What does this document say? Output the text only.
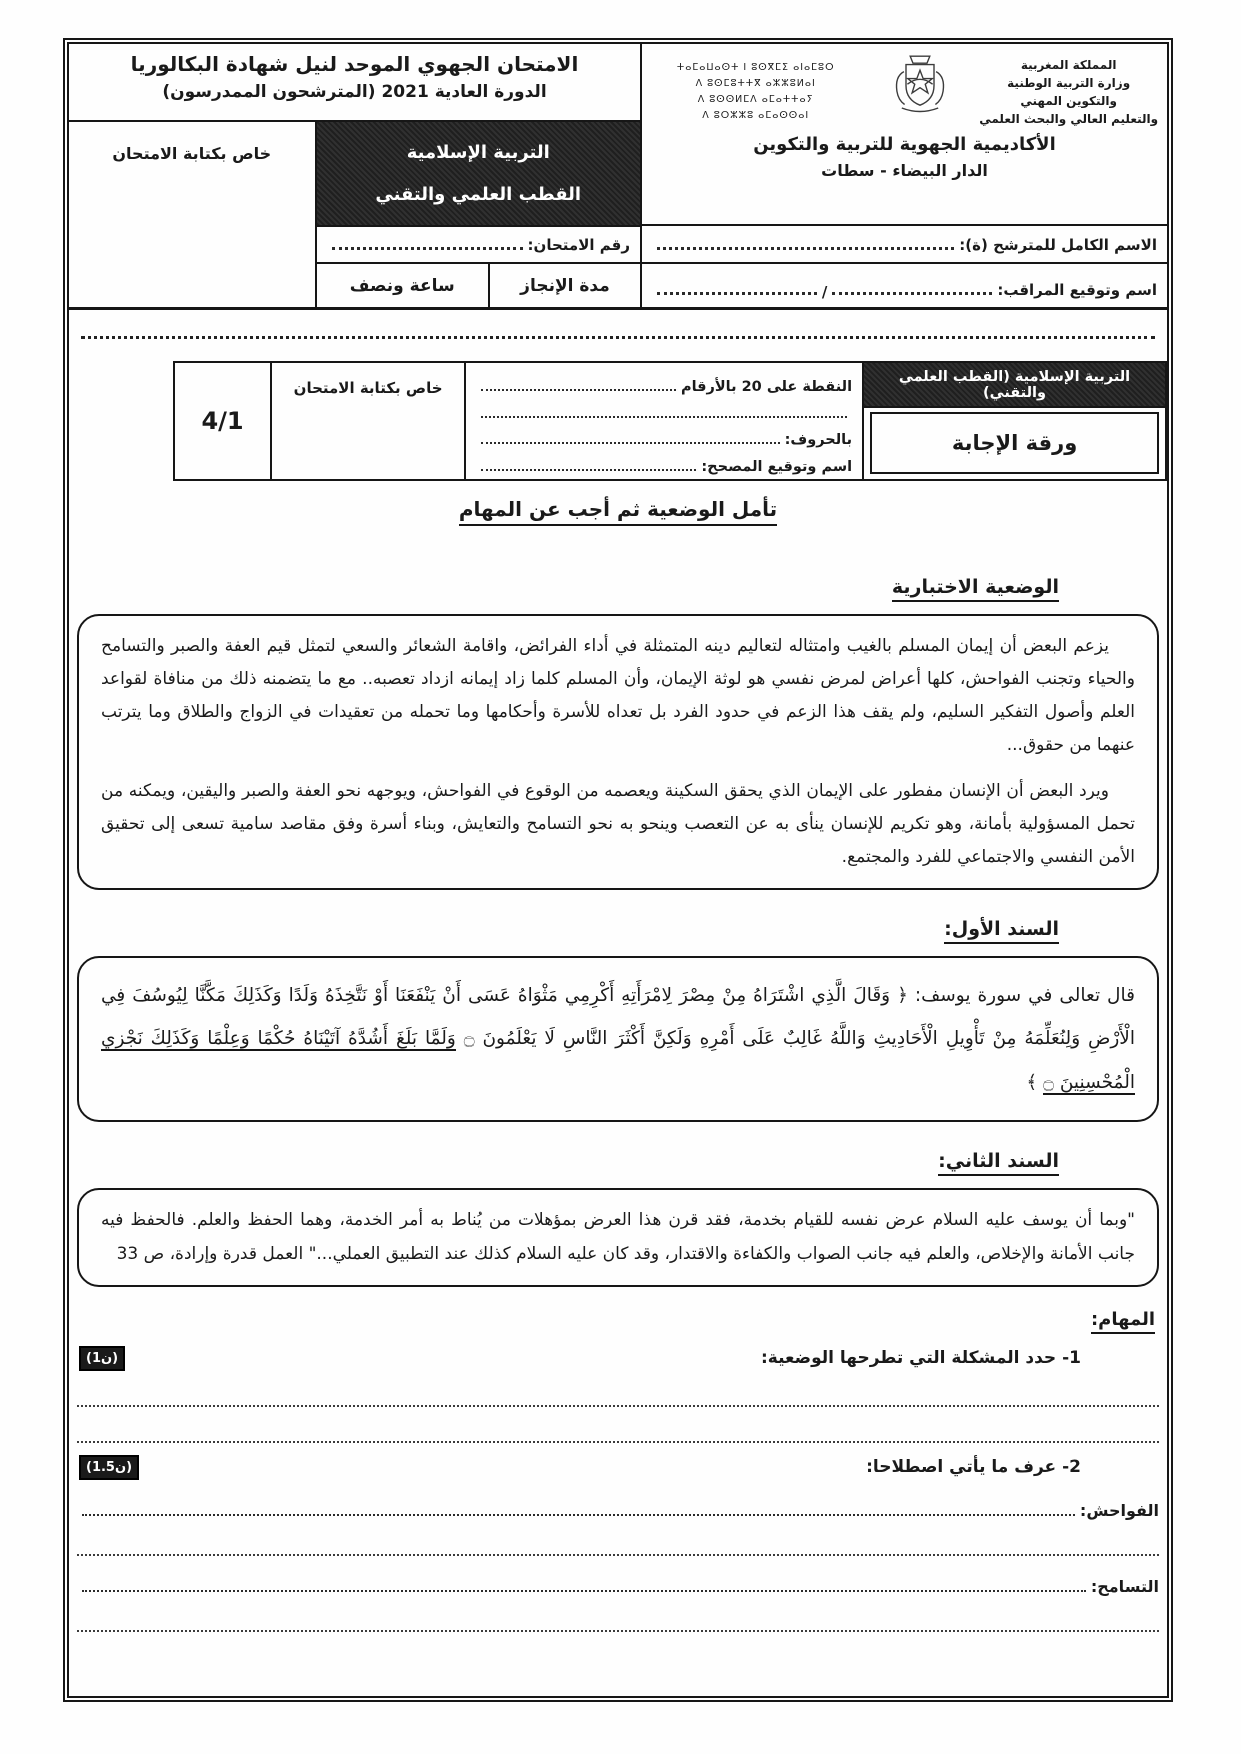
المملكة المغربية
وزارة التربية الوطنية
والتكوين المهني
والتعليم العالي والبحث العلمي
ⵜⴰⵎⴰⵡⴰⵙⵜ ⵏ ⵓⵙⴳⵎⵉ ⴰⵏⴰⵎⵓⵔ
ⴷ ⵓⵙⵎⵓⵜⵜⴳ ⴰⵣⵣⵓⵍⴰⵏ
ⴷ ⵓⵙⵙⵍⵎⴷ ⴰⵎⴰⵜⵜⴰⵢ
ⴷ ⵓⵔⵣⵣⵓ ⴰⵎⴰⵙⵙⴰⵏ
الأكاديمية الجهوية للتربية والتكوين
الدار البيضاء - سطات
الاسم الكامل للمترشح (ة):
اسم وتوقيع المراقب:
/
الامتحان الجهوي الموحد لنيل شهادة البكالوريا
الدورة العادية 2021 (المترشحون الممدرسون)
التربية الإسلامية
القطب العلمي والتقني
رقم الامتحان:
مدة الإنجاز
ساعة ونصف
خاص بكتابة الامتحان
التربية الإسلامية (القطب العلمي والتقني)
ورقة الإجابة
النقطة على 20 بالأرقام
بالحروف:
اسم وتوقيع المصحح:
خاص بكتابة الامتحان
4/1
تأمل الوضعية ثم أجب عن المهام
الوضعية الاختبارية

يزعم البعض أن إيمان المسلم بالغيب وامتثاله لتعاليم دينه المتمثلة في أداء الفرائض، واقامة الشعائر والسعي لتمثل قيم العفة والصبر والتسامح والحياء وتجنب الفواحش، كلها أعراض لمرض نفسي هو لوثة الإيمان، وأن المسلم كلما زاد إيمانه ازداد تعصبه.. مع ما يتضمنه ذلك من منافاة لقواعد العلم وأصول التفكير السليم، ولم يقف هذا الزعم في حدود الفرد بل تعداه للأسرة وأحكامها وما تحمله من تعقيدات في الزواج والطلاق وما يترتب عنهما من حقوق...

ويرد البعض أن الإنسان مفطور على الإيمان الذي يحقق السكينة ويعصمه من الوقوع في الفواحش، ويوجهه نحو العفة والصبر واليقين، ويمكنه من تحمل المسؤولية بأمانة، وهو تكريم للإنسان ينأى به عن التعصب وينحو به نحو التسامح والتعايش، وبناء أسرة وفق مقاصد سامية تسعى إلى تحقيق الأمن النفسي والاجتماعي للفرد والمجتمع.

السند الأول:
قال تعالى في سورة يوسف: ﴿ وَقَالَ الَّذِي اشْتَرَاهُ مِنْ مِصْرَ لِامْرَأَتِهِ أَكْرِمِي مَثْوَاهُ عَسَى أَنْ يَنْفَعَنَا أَوْ نَتَّخِذَهُ وَلَدًا وَكَذَلِكَ مَكَّنَّا لِيُوسُفَ فِي الْأَرْضِ وَلِنُعَلِّمَهُ مِنْ تَأْوِيلِ الْأَحَادِيثِ وَاللَّهُ غَالِبٌ عَلَى أَمْرِهِ وَلَكِنَّ أَكْثَرَ النَّاسِ لَا يَعْلَمُونَ ۝ وَلَمَّا بَلَغَ أَشُدَّهُ آتَيْنَاهُ حُكْمًا وَعِلْمًا وَكَذَلِكَ نَجْزِي الْمُحْسِنِينَ ۝ ﴾
السند الثاني:

"وبما أن يوسف عليه السلام عرض نفسه للقيام بخدمة، فقد قرن هذا العرض بمؤهلات من يُناط به أمر الخدمة، وهما الحفظ والعلم. فالحفظ فيه جانب الأمانة والإخلاص، والعلم فيه جانب الصواب والكفاءة والاقتدار، وقد كان عليه السلام كذلك عند التطبيق العملي..." العمل قدرة وإرادة، ص 33

المهام:
1- حدد المشكلة التي تطرحها الوضعية:
(ن1)
2- عرف ما يأتي اصطلاحا:
(ن1.5)
الفواحش:
التسامح:
